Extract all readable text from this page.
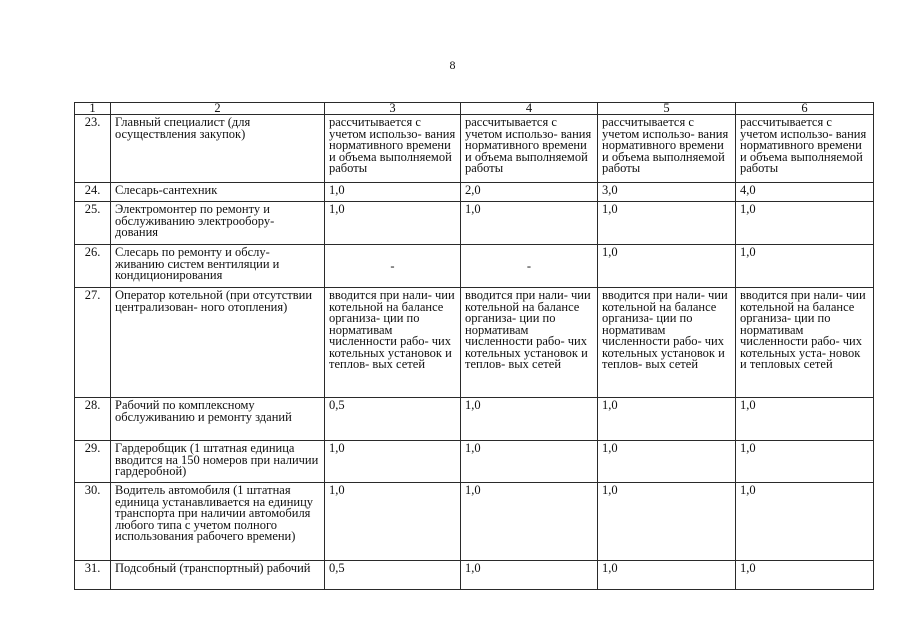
8
1	2	3	4	5	6
23.	Главный специалист (для осуществления закупок)	рассчитывается с учетом использо- вания нормативного времени и объема выполняемой работы	рассчитывается с учетом использо- вания нормативного времени и объема выполняемой работы	рассчитывается с учетом использо- вания нормативного времени и объема выполняемой работы	рассчитывается с учетом использо- вания нормативного времени и объема выполняемой работы
24.	Слесарь-сантехник	1,0	2,0	3,0	4,0
25.	Электромонтер по ремонту и обслуживанию электрообору- дования	1,0	1,0	1,0	1,0
26.	Слесарь по ремонту и обслу- живанию систем вентиляции и кондиционирования	-	-	1,0	1,0
27.	Оператор котельной (при отсутствии централизован- ного отопления)	вводится при нали- чии котельной на балансе организа- ции по нормативам численности рабо- чих котельных установок и теплов- вых сетей	вводится при нали- чии котельной на балансе организа- ции по нормативам численности рабо- чих котельных установок и теплов- вых сетей	вводится при нали- чии котельной на балансе организа- ции по нормативам численности рабо- чих котельных установок и теплов- вых сетей	вводится при нали- чии котельной на балансе организа- ции по нормативам численности рабо- чих котельных уста- новок и тепловых сетей
28.	Рабочий по комплексному обслуживанию и ремонту зданий	0,5	1,0	1,0	1,0
29.	Гардеробщик (1 штатная единица вводится на 150 номеров при наличии гардеробной)	1,0	1,0	1,0	1,0
30.	Водитель автомобиля (1 штатная единица устанавливается на единицу транспорта при наличии автомобиля любого типа с учетом полного использования рабочего времени)	1,0	1,0	1,0	1,0
31.	Подсобный (транспортный) рабочий	0,5	1,0	1,0	1,0
